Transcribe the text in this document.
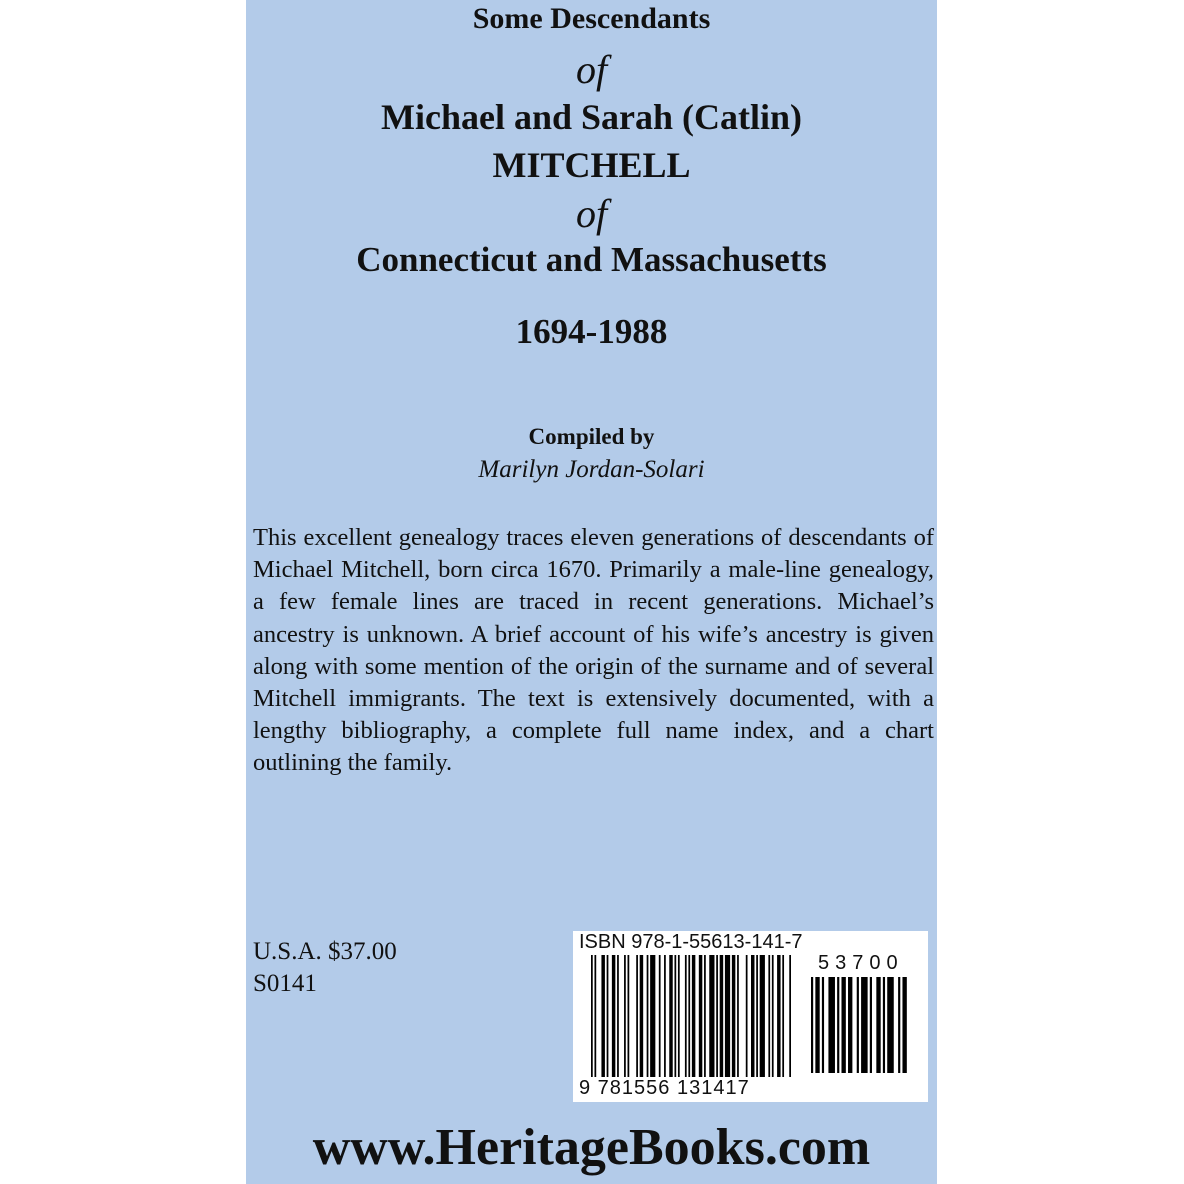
Some Descendants
of
Michael and Sarah (Catlin)
MITCHELL
of
Connecticut and Massachusetts
1694-1988
Compiled by
Marilyn Jordan-Solari

This excellent genealogy traces eleven generations of descendants of Michael Mitchell, born circa 1670. Primarily a male-line genealogy, a few female lines are traced in recent generations. Michael’s ancestry is unknown. A brief account of his wife’s ancestry is given along with some mention of the origin of the surname and of several Mitchell immigrants. The text is extensively documented, with a lengthy bibliography, a complete full name index, and a chart outlining the family.

U.S.A. $37.00
S0141
ISBN 978-1-55613-141-7
53700
9 781556 131417
www.HeritageBooks.com
